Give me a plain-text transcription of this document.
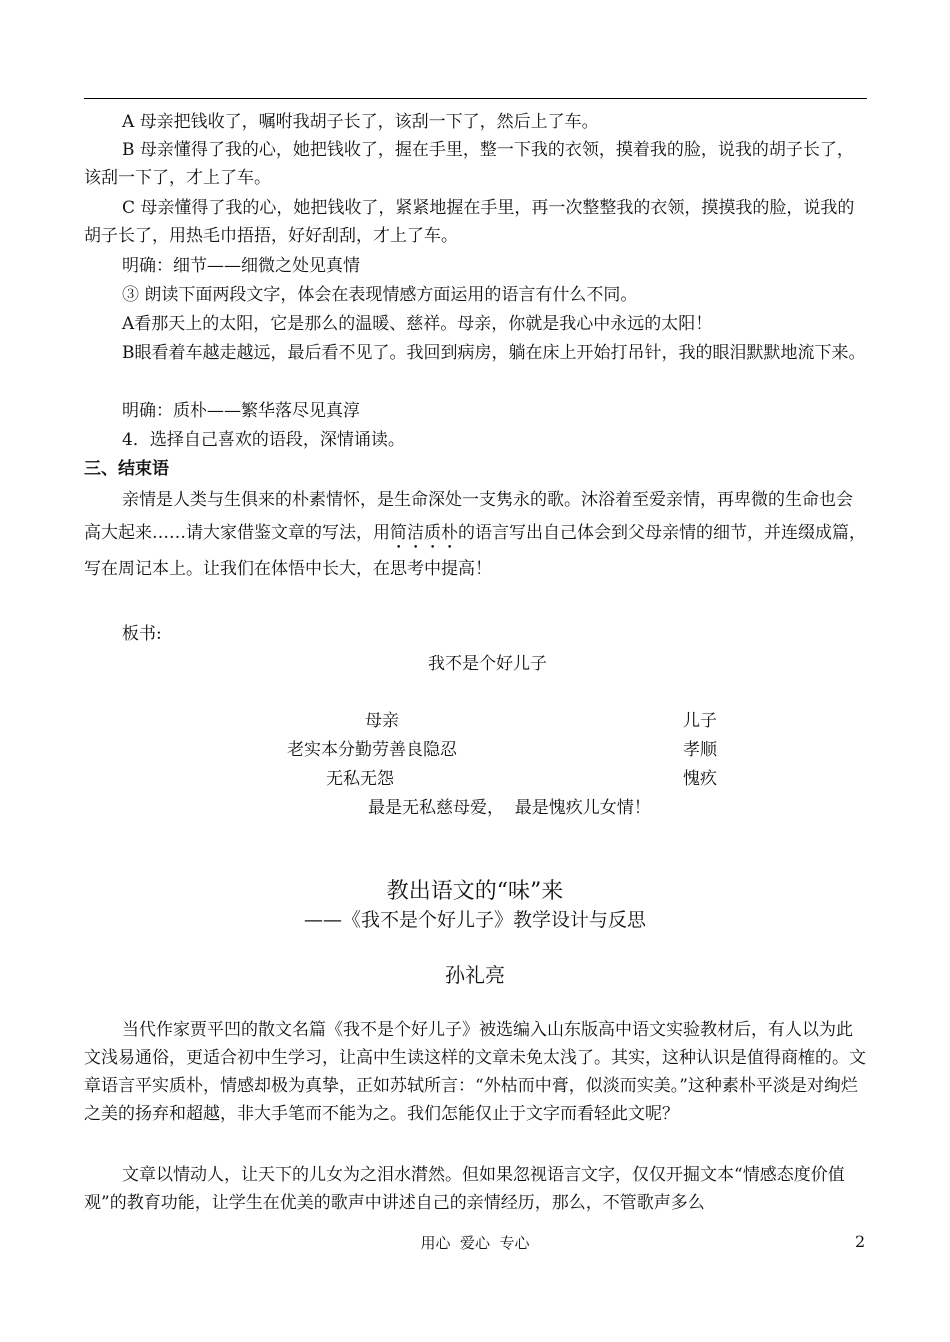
A 母亲把钱收了，嘱咐我胡子长了，该刮一下了，然后上了车。

B 母亲懂得了我的心，她把钱收了，握在手里，整一下我的衣领，摸着我的脸，说我的胡子长了，该刮一下了，才上了车。

C 母亲懂得了我的心，她把钱收了，紧紧地握在手里，再一次整整我的衣领，摸摸我的脸，说我的胡子长了，用热毛巾捂捂，好好刮刮，才上了车。

明确：细节——细微之处见真情

③ 朗读下面两段文字，体会在表现情感方面运用的语言有什么不同。

A看那天上的太阳，它是那么的温暖、慈祥。母亲，你就是我心中永远的太阳！

B眼看着车越走越远，最后看不见了。我回到病房，躺在床上开始打吊针，我的眼泪默默地流下来。

明确：质朴——繁华落尽见真淳

4．选择自己喜欢的语段，深情诵读。

三、结束语

亲情是人类与生俱来的朴素情怀，是生命深处一支隽永的歌。沐浴着至爱亲情，再卑微的生命也会高大起来……请大家借鉴文章的写法，用简洁质朴的语言写出自己体会到父母亲情的细节，并连缀成篇，写在周记本上。让我们在体悟中长大，在思考中提高！

板书:
我不是个好儿子
母亲	儿子
老实本分勤劳善良隐忍	孝顺
无私无怨	愧疚
最是无私慈母爱，  最是愧疚儿女情！
教出语文的“味”来
——《我不是个好儿子》教学设计与反思
孙礼亮

当代作家贾平凹的散文名篇《我不是个好儿子》被选编入山东版高中语文实验教材后，有人以为此文浅易通俗，更适合初中生学习，让高中生读这样的文章未免太浅了。其实，这种认识是值得商榷的。文章语言平实质朴，情感却极为真挚，正如苏轼所言：“外枯而中膏，似淡而实美。”这种素朴平淡是对绚烂之美的扬弃和超越，非大手笔而不能为之。我们怎能仅止于文字而看轻此文呢？

文章以情动人，让天下的儿女为之泪水潸然。但如果忽视语言文字，仅仅开掘文本“情感态度价值观”的教育功能，让学生在优美的歌声中讲述自己的亲情经历，那么，不管歌声多么

用心  爱心  专心	2
